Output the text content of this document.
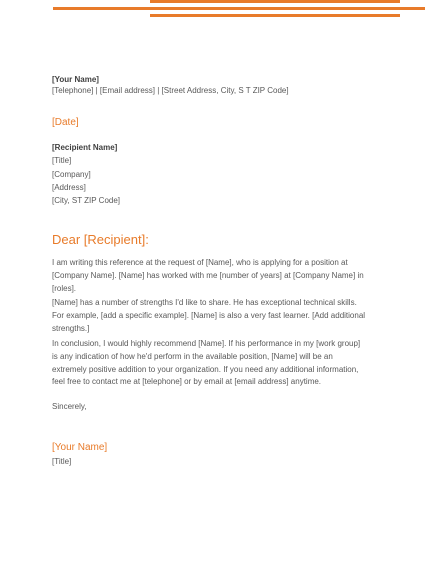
[Your Name]
[Telephone] | [Email address] | [Street Address, City, S T ZIP Code]
[Date]
[Recipient Name]
[Title]
[Company]
[Address]
[City, ST ZIP Code]
Dear [Recipient]:
I am writing this reference at the request of [Name], who is applying for a position at
[Company Name]. [Name] has worked with me [number of years] at [Company Name] in
[roles].
[Name] has a number of strengths I'd like to share. He has exceptional technical skills.
For example, [add a specific example]. [Name] is also a very fast learner. [Add additional
strengths.]
In conclusion, I would highly recommend [Name]. If his performance in my [work group]
is any indication of how he'd perform in the available position, [Name] will be an
extremely positive addition to your organization. If you need any additional information,
feel free to contact me at [telephone] or by email at [email address] anytime.
Sincerely,
[Your Name]
[Title]
